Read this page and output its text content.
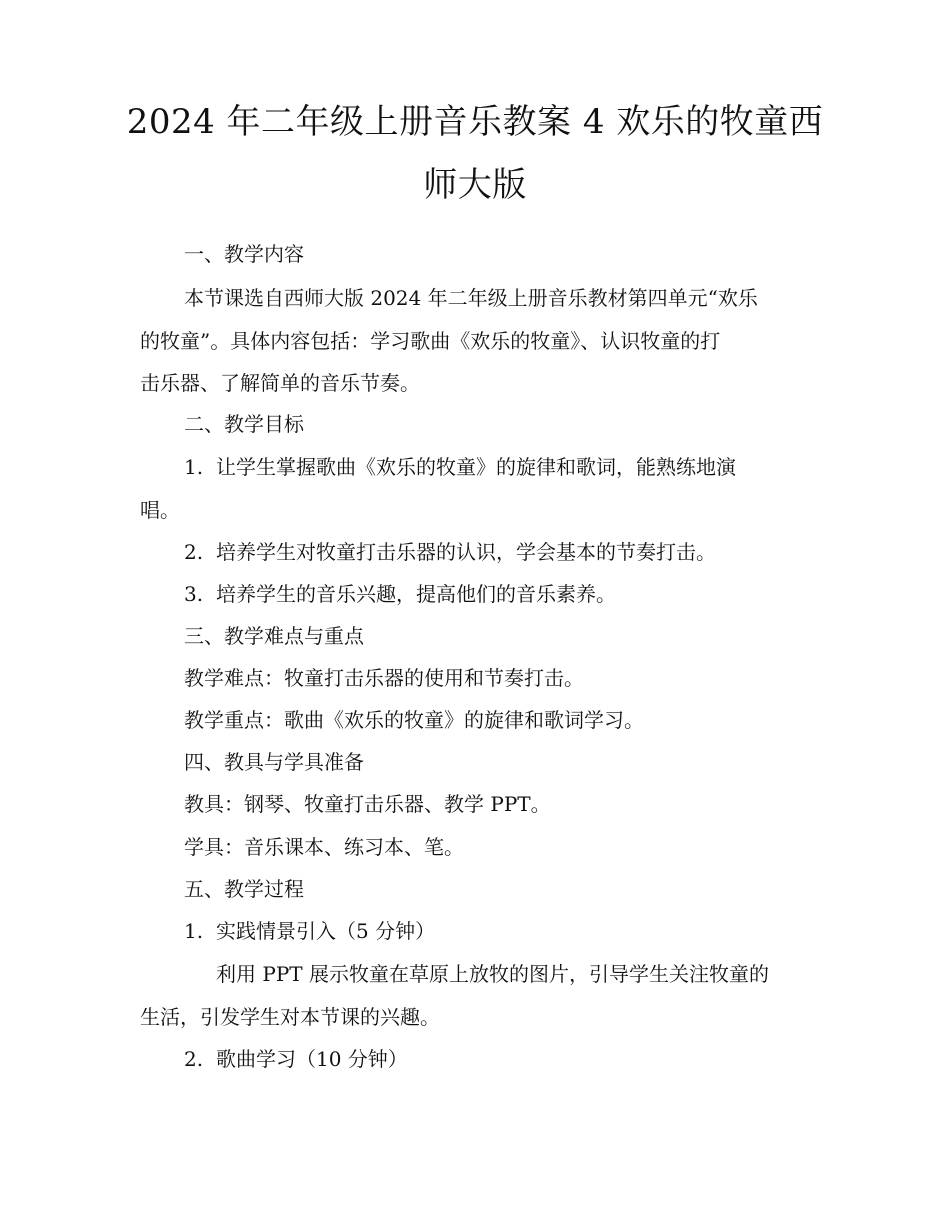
2024 年二年级上册音乐教案 4 欢乐的牧童西
师大版
一、教学内容
本节课选自西师大版 2024 年二年级上册音乐教材第四单元“欢乐
的牧童”。具体内容包括：学习歌曲《欢乐的牧童》、认识牧童的打
击乐器、了解简单的音乐节奏。
二、教学目标
1. 让学生掌握歌曲《欢乐的牧童》的旋律和歌词，能熟练地演
唱。
2. 培养学生对牧童打击乐器的认识，学会基本的节奏打击。
3. 培养学生的音乐兴趣，提高他们的音乐素养。
三、教学难点与重点
教学难点：牧童打击乐器的使用和节奏打击。
教学重点：歌曲《欢乐的牧童》的旋律和歌词学习。
四、教具与学具准备
教具：钢琴、牧童打击乐器、教学 PPT。
学具：音乐课本、练习本、笔。
五、教学过程
1. 实践情景引入（5 分钟）
利用 PPT 展示牧童在草原上放牧的图片，引导学生关注牧童的
生活，引发学生对本节课的兴趣。
2. 歌曲学习（10 分钟）
